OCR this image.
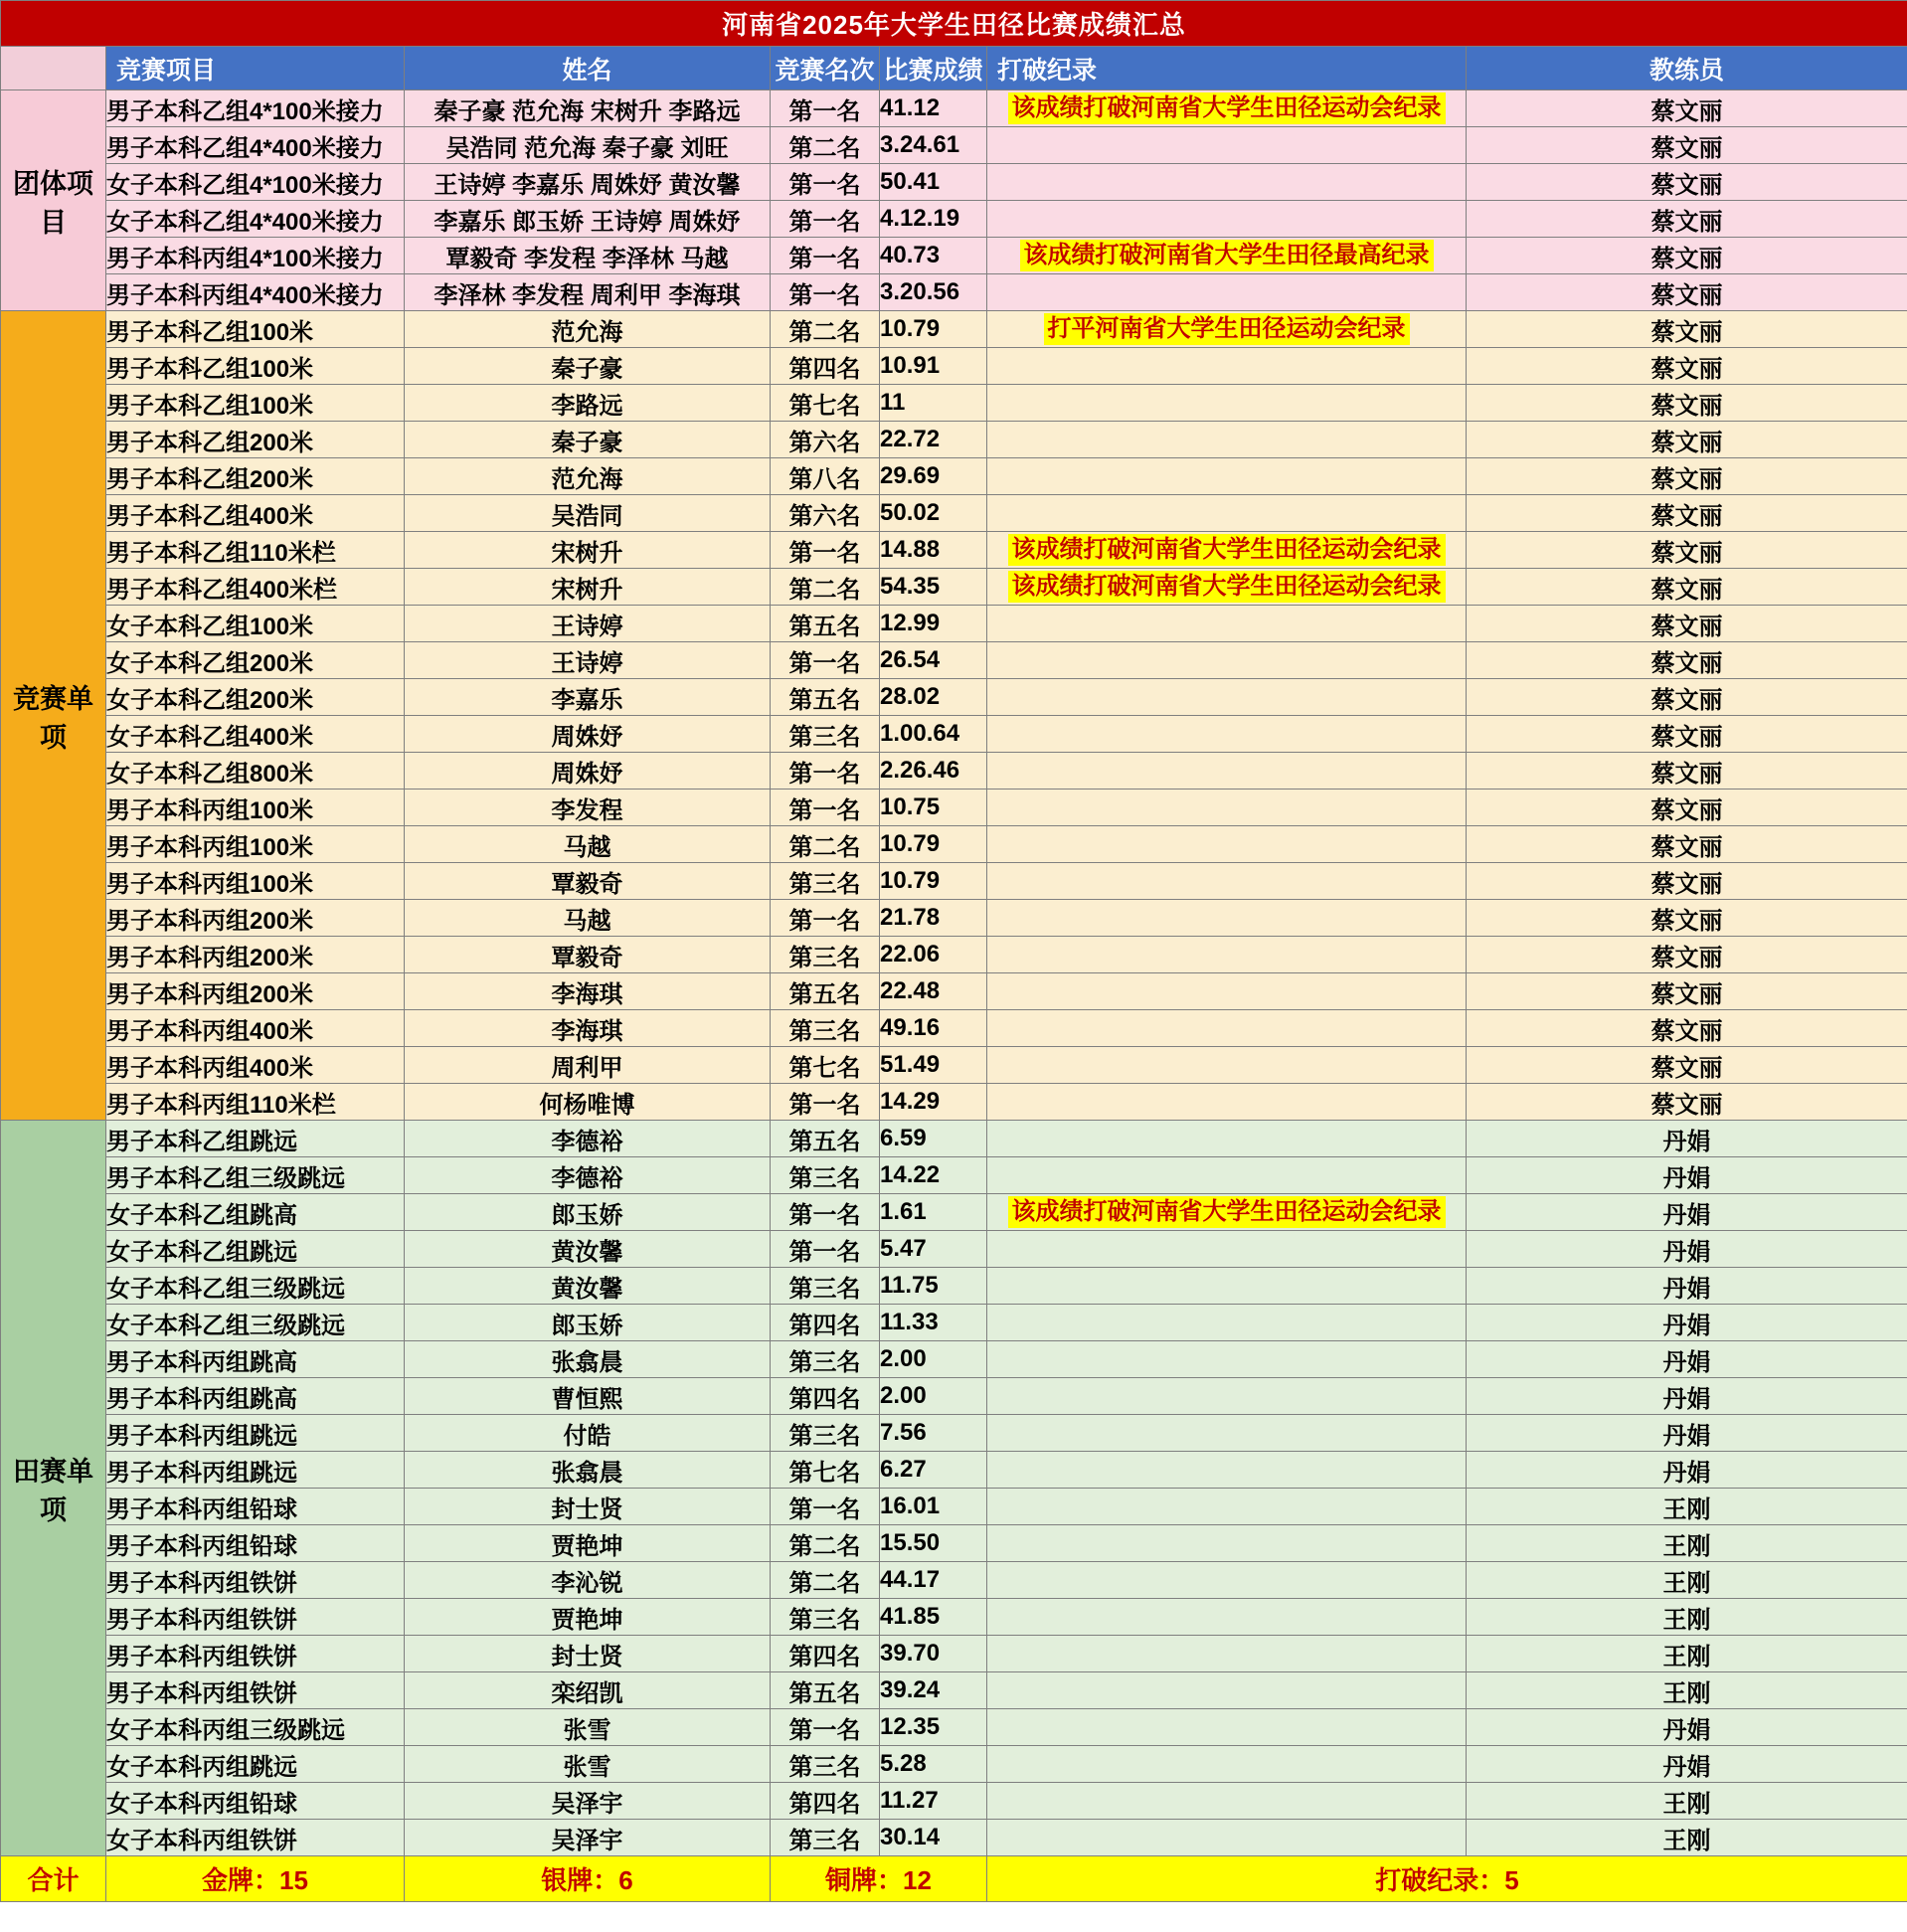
河南省2025年大学生田径比赛成绩汇总						
	竞赛项目	姓名	竞赛名次	比赛成绩	打破纪录	教练员
团体项目	男子本科乙组4*100米接力	秦子豪 范允海 宋树升 李路远	第一名	41.12	该成绩打破河南省大学生田径运动会纪录	蔡文丽
	男子本科乙组4*400米接力	吴浩同 范允海 秦子豪 刘旺	第二名	3.24.61		蔡文丽
	女子本科乙组4*100米接力	王诗婷 李嘉乐 周姝妤 黄汝馨	第一名	50.41		蔡文丽
	女子本科乙组4*400米接力	李嘉乐 郎玉娇 王诗婷 周姝妤	第一名	4.12.19		蔡文丽
	男子本科丙组4*100米接力	覃毅奇 李发程 李泽林 马越	第一名	40.73	该成绩打破河南省大学生田径最高纪录	蔡文丽
	男子本科丙组4*400米接力	李泽林 李发程 周利甲 李海琪	第一名	3.20.56		蔡文丽
竞赛单项	男子本科乙组100米	范允海	第二名	10.79	打平河南省大学生田径运动会纪录	蔡文丽
	男子本科乙组100米	秦子豪	第四名	10.91		蔡文丽
	男子本科乙组100米	李路远	第七名	11		蔡文丽
	男子本科乙组200米	秦子豪	第六名	22.72		蔡文丽
	男子本科乙组200米	范允海	第八名	29.69		蔡文丽
	男子本科乙组400米	吴浩同	第六名	50.02		蔡文丽
	男子本科乙组110米栏	宋树升	第一名	14.88	该成绩打破河南省大学生田径运动会纪录	蔡文丽
	男子本科乙组400米栏	宋树升	第二名	54.35	该成绩打破河南省大学生田径运动会纪录	蔡文丽
	女子本科乙组100米	王诗婷	第五名	12.99		蔡文丽
	女子本科乙组200米	王诗婷	第一名	26.54		蔡文丽
	女子本科乙组200米	李嘉乐	第五名	28.02		蔡文丽
	女子本科乙组400米	周姝妤	第三名	1.00.64		蔡文丽
	女子本科乙组800米	周姝妤	第一名	2.26.46		蔡文丽
	男子本科丙组100米	李发程	第一名	10.75		蔡文丽
	男子本科丙组100米	马越	第二名	10.79		蔡文丽
	男子本科丙组100米	覃毅奇	第三名	10.79		蔡文丽
	男子本科丙组200米	马越	第一名	21.78		蔡文丽
	男子本科丙组200米	覃毅奇	第三名	22.06		蔡文丽
	男子本科丙组200米	李海琪	第五名	22.48		蔡文丽
	男子本科丙组400米	李海琪	第三名	49.16		蔡文丽
	男子本科丙组400米	周利甲	第七名	51.49		蔡文丽
	男子本科丙组110米栏	何杨唯博	第一名	14.29		蔡文丽
田赛单项	男子本科乙组跳远	李德裕	第五名	6.59		丹娟
	男子本科乙组三级跳远	李德裕	第三名	14.22		丹娟
	女子本科乙组跳高	郎玉娇	第一名	1.61	该成绩打破河南省大学生田径运动会纪录	丹娟
	女子本科乙组跳远	黄汝馨	第一名	5.47		丹娟
	女子本科乙组三级跳远	黄汝馨	第三名	11.75		丹娟
	女子本科乙组三级跳远	郎玉娇	第四名	11.33		丹娟
	男子本科丙组跳高	张翕晨	第三名	2.00		丹娟
	男子本科丙组跳高	曹恒熙	第四名	2.00		丹娟
	男子本科丙组跳远	付皓	第三名	7.56		丹娟
	男子本科丙组跳远	张翕晨	第七名	6.27		丹娟
	男子本科丙组铅球	封士贤	第一名	16.01		王刚
	男子本科丙组铅球	贾艳坤	第二名	15.50		王刚
	男子本科丙组铁饼	李沁锐	第二名	44.17		王刚
	男子本科丙组铁饼	贾艳坤	第三名	41.85		王刚
	男子本科丙组铁饼	封士贤	第四名	39.70		王刚
	男子本科丙组铁饼	栾绍凯	第五名	39.24		王刚
	女子本科丙组三级跳远	张雪	第一名	12.35		丹娟
	女子本科丙组跳远	张雪	第三名	5.28		丹娟
	女子本科丙组铅球	吴泽宇	第四名	11.27		王刚
	女子本科丙组铁饼	吴泽宇	第三名	30.14		王刚
合计	金牌：15	银牌：6	铜牌：12		打破纪录：5	
